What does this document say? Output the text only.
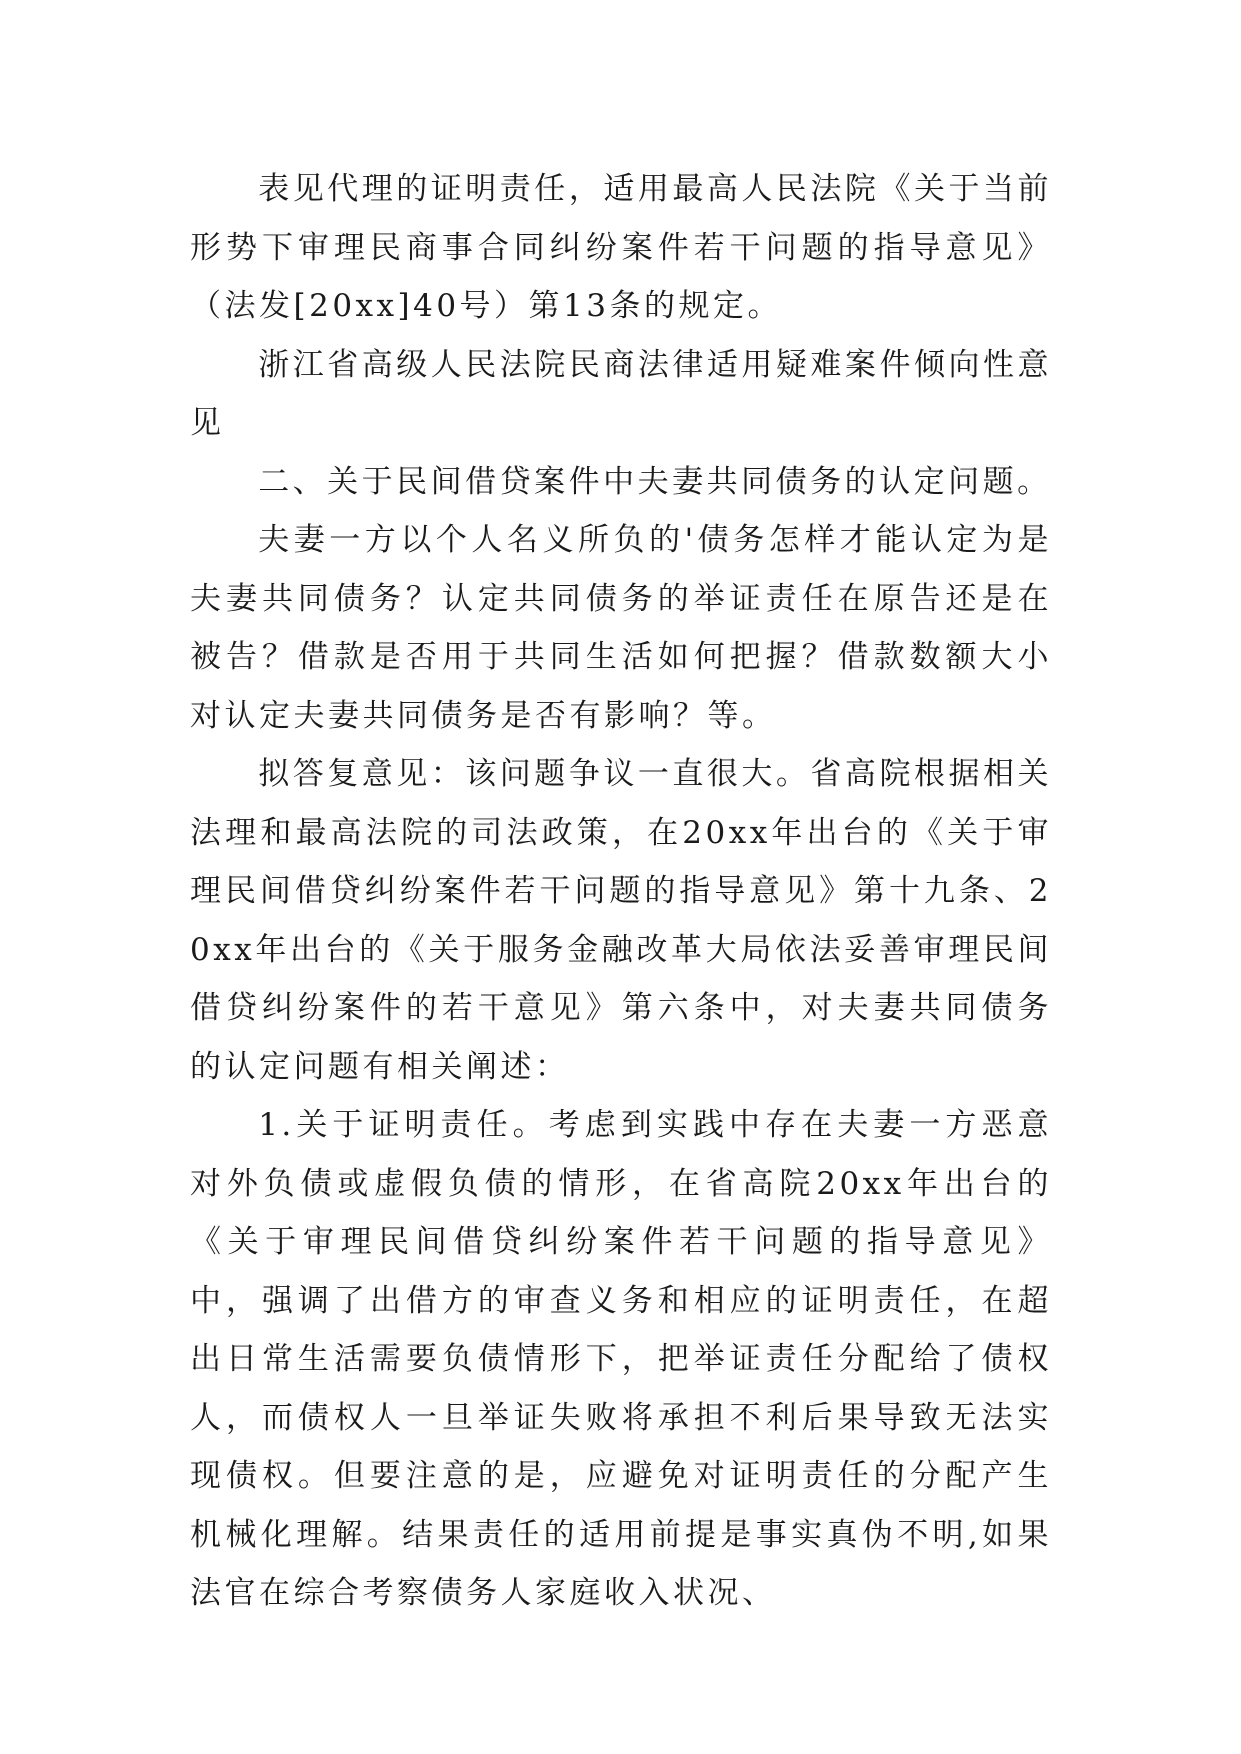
表见代理的证明责任，适用最高人民法院《关于当前形势下审理民商事合同纠纷案件若干问题的指导意见》（法发[20xx]40号）第13条的规定。

浙江省高级人民法院民商法律适用疑难案件倾向性意见

二、关于民间借贷案件中夫妻共同债务的认定问题。

夫妻一方以个人名义所负的'债务怎样才能认定为是夫妻共同债务？认定共同债务的举证责任在原告还是在被告？借款是否用于共同生活如何把握？借款数额大小对认定夫妻共同债务是否有影响？等。

拟答复意见：该问题争议一直很大。省高院根据相关法理和最高法院的司法政策，在20xx年出台的《关于审理民间借贷纠纷案件若干问题的指导意见》第十九条、20xx年出台的《关于服务金融改革大局依法妥善审理民间借贷纠纷案件的若干意见》第六条中，对夫妻共同债务的认定问题有相关阐述：

1.关于证明责任。考虑到实践中存在夫妻一方恶意对外负债或虚假负债的情形，在省高院20xx年出台的《关于审理民间借贷纠纷案件若干问题的指导意见》中，强调了出借方的审查义务和相应的证明责任，在超出日常生活需要负债情形下，把举证责任分配给了债权人，而债权人一旦举证失败将承担不利后果导致无法实现债权。但要注意的是，应避免对证明责任的分配产生机械化理解。结果责任的适用前提是事实真伪不明,如果法官在综合考察债务人家庭收入状况、
